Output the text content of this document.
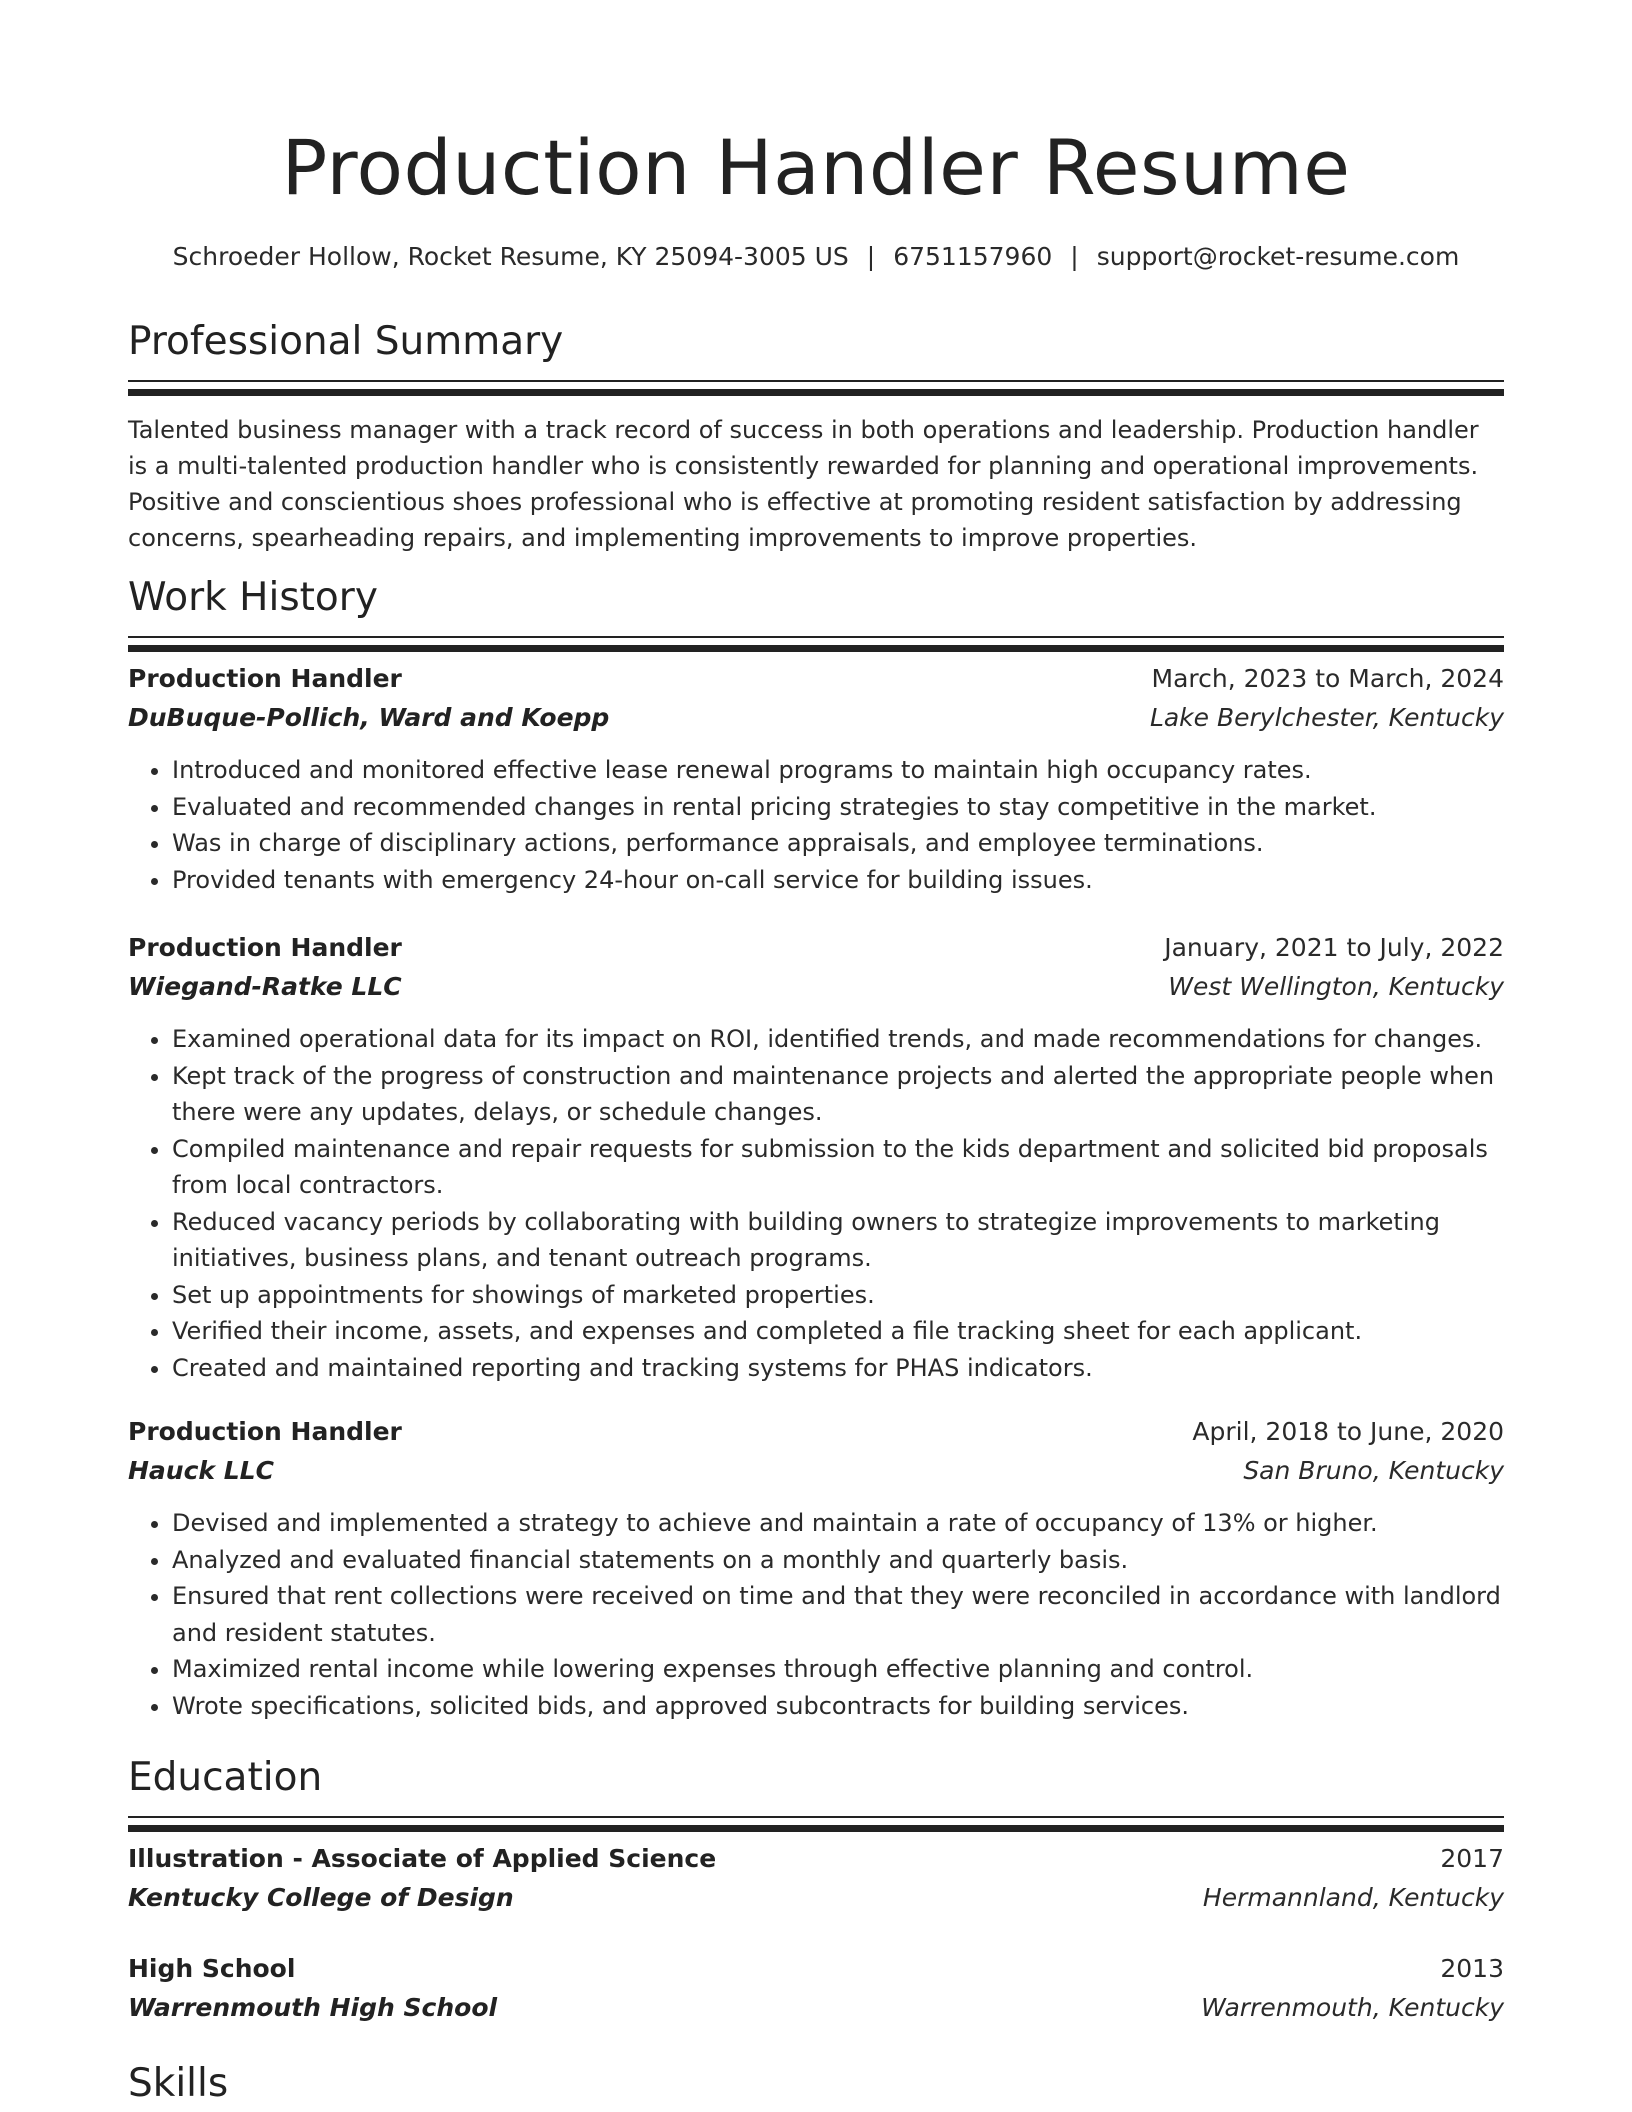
Production Handler Resume
Schroeder Hollow, Rocket Resume, KY 25094-3005 US | 6751157960 | support@rocket-resume.com
Professional Summary
Talented business manager with a track record of success in both operations and leadership. Production handler is a multi-talented production handler who is consistently rewarded for planning and operational improvements. Positive and conscientious shoes professional who is effective at promoting resident satisfaction by addressing concerns, spearheading repairs, and implementing improvements to improve properties.
Work History
Production Handler	March, 2023 to March, 2024
DuBuque-Pollich, Ward and Koepp	Lake Berylchester, Kentucky
• Introduced and monitored effective lease renewal programs to maintain high occupancy rates.
• Evaluated and recommended changes in rental pricing strategies to stay competitive in the market.
• Was in charge of disciplinary actions, performance appraisals, and employee terminations.
• Provided tenants with emergency 24-hour on-call service for building issues.
Production Handler	January, 2021 to July, 2022
Wiegand-Ratke LLC	West Wellington, Kentucky
• Examined operational data for its impact on ROI, identified trends, and made recommendations for changes.
• Kept track of the progress of construction and maintenance projects and alerted the appropriate people when there were any updates, delays, or schedule changes.
• Compiled maintenance and repair requests for submission to the kids department and solicited bid proposals from local contractors.
• Reduced vacancy periods by collaborating with building owners to strategize improvements to marketing initiatives, business plans, and tenant outreach programs.
• Set up appointments for showings of marketed properties.
• Verified their income, assets, and expenses and completed a file tracking sheet for each applicant.
• Created and maintained reporting and tracking systems for PHAS indicators.
Production Handler	April, 2018 to June, 2020
Hauck LLC	San Bruno, Kentucky
• Devised and implemented a strategy to achieve and maintain a rate of occupancy of 13% or higher.
• Analyzed and evaluated financial statements on a monthly and quarterly basis.
• Ensured that rent collections were received on time and that they were reconciled in accordance with landlord and resident statutes.
• Maximized rental income while lowering expenses through effective planning and control.
• Wrote specifications, solicited bids, and approved subcontracts for building services.
Education
Illustration - Associate of Applied Science	2017
Kentucky College of Design	Hermannland, Kentucky
High School	2013
Warrenmouth High School	Warrenmouth, Kentucky
Skills
